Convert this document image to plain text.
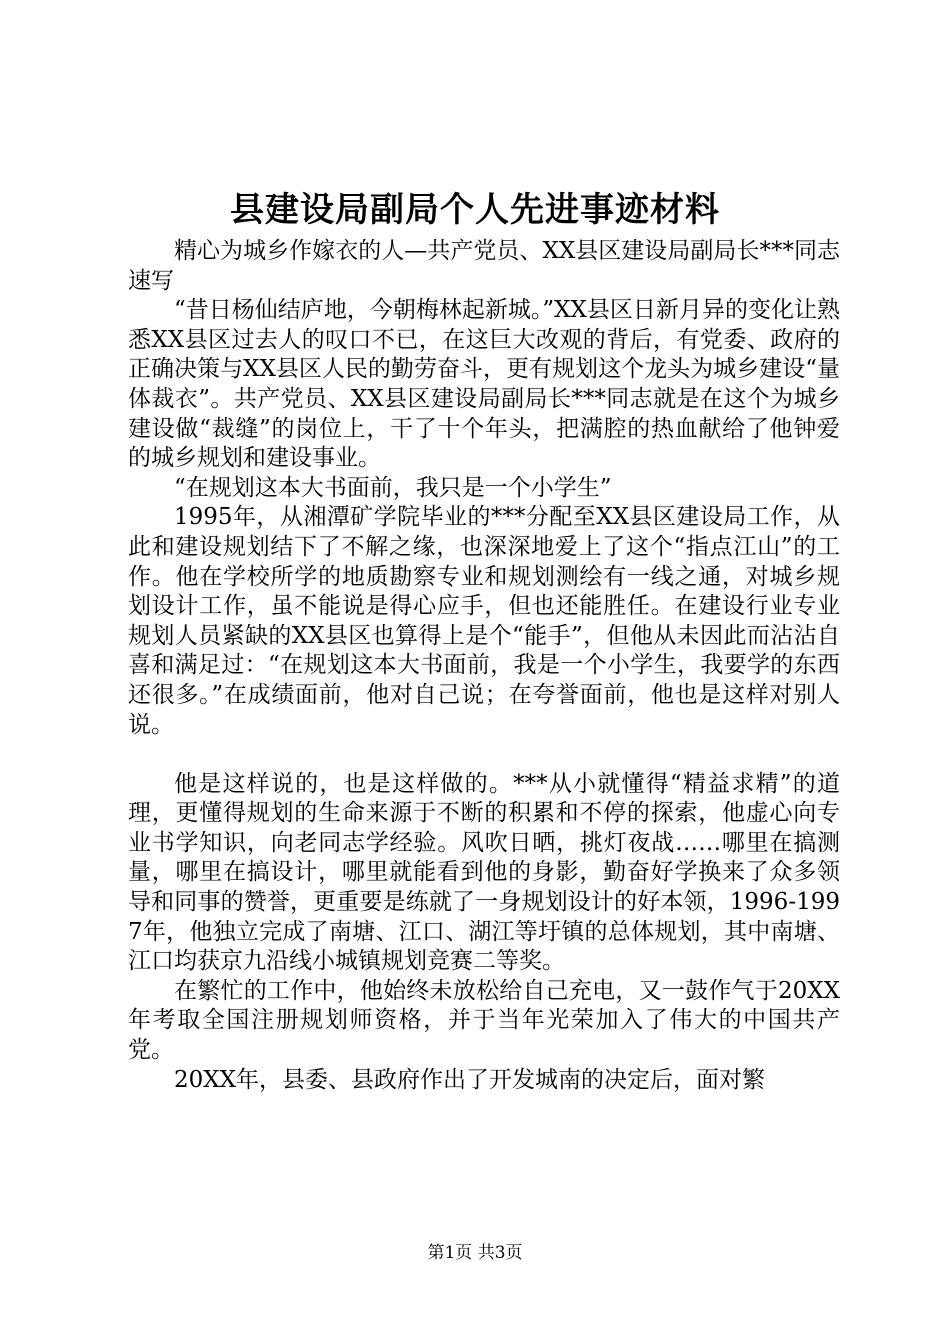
县建设局副局个人先进事迹材料

精心为城乡作嫁衣的人—共产党员、XX县区建设局副局长***同志速写

“昔日杨仙结庐地，今朝梅林起新城。”XX县区日新月异的变化让熟悉XX县区过去人的叹口不已，在这巨大改观的背后，有党委、政府的正确决策与XX县区人民的勤劳奋斗，更有规划这个龙头为城乡建设“量体裁衣”。共产党员、XX县区建设局副局长***同志就是在这个为城乡建设做“裁缝”的岗位上，干了十个年头，把满腔的热血献给了他钟爱的城乡规划和建设事业。

“在规划这本大书面前，我只是一个小学生”

1995年，从湘潭矿学院毕业的***分配至XX县区建设局工作，从此和建设规划结下了不解之缘，也深深地爱上了这个“指点江山”的工作。他在学校所学的地质勘察专业和规划测绘有一线之通，对城乡规划设计工作，虽不能说是得心应手，但也还能胜任。在建设行业专业规划人员紧缺的XX县区也算得上是个“能手”，但他从未因此而沾沾自喜和满足过：“在规划这本大书面前，我是一个小学生，我要学的东西还很多。”在成绩面前，他对自己说；在夸誉面前，他也是这样对别人说。

他是这样说的，也是这样做的。***从小就懂得“精益求精”的道理，更懂得规划的生命来源于不断的积累和不停的探索，他虚心向专业书学知识，向老同志学经验。风吹日晒，挑灯夜战……哪里在搞测量，哪里在搞设计，哪里就能看到他的身影，勤奋好学换来了众多领导和同事的赞誉，更重要是练就了一身规划设计的好本领，1996-1997年，他独立完成了南塘、江口、湖江等圩镇的总体规划，其中南塘、江口均获京九沿线小城镇规划竞赛二等奖。

在繁忙的工作中，他始终未放松给自己充电，又一鼓作气于20XX年考取全国注册规划师资格，并于当年光荣加入了伟大的中国共产党。

20XX年，县委、县政府作出了开发城南的决定后，面对繁

第1页 共3页
